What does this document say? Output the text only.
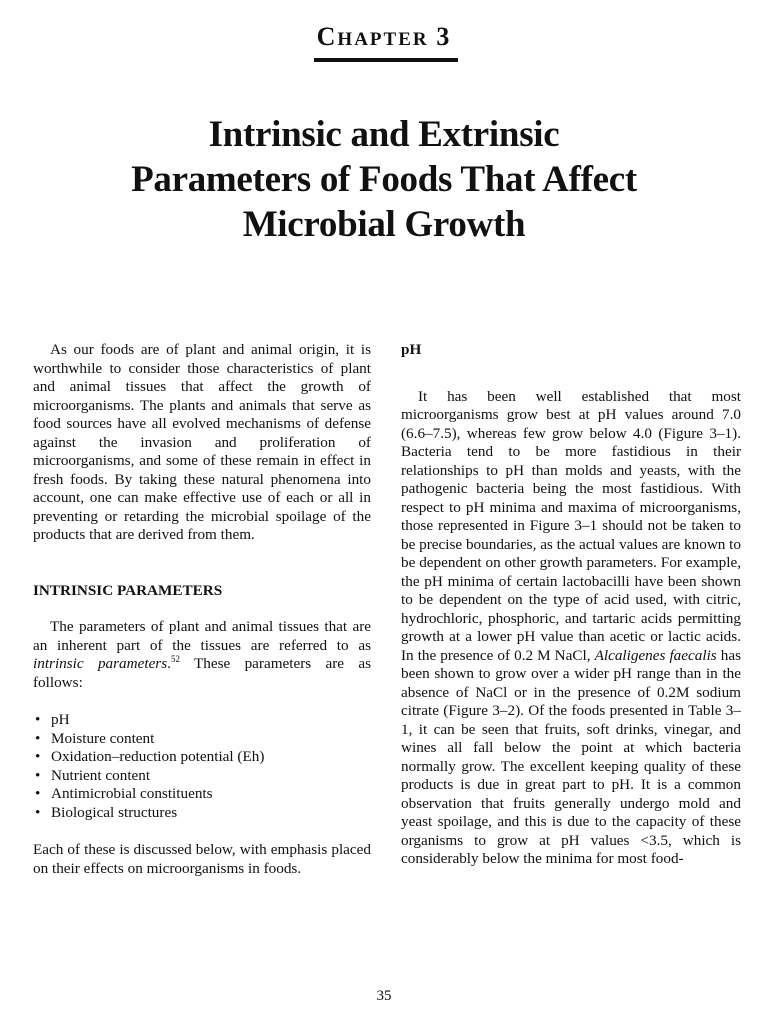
CHAPTER 3
Intrinsic and Extrinsic
Parameters of Foods That Affect
Microbial Growth

As our foods are of plant and animal origin, it is worthwhile to consider those characteristics of plant and animal tissues that affect the growth of microorganisms. The plants and animals that serve as food sources have all evolved mechanisms of defense against the invasion and proliferation of microorganisms, and some of these remain in effect in fresh foods. By taking these natural phenomena into account, one can make effective use of each or all in preventing or retarding the microbial spoilage of the products that are derived from them.

INTRINSIC PARAMETERS

The parameters of plant and animal tissues that are an inherent part of the tissues are referred to as intrinsic parameters.$^{52}$ These parameters are as follows:

• pH
• Moisture content
• Oxidation–reduction potential (Eh)
• Nutrient content
• Antimicrobial constituents
• Biological structures

Each of these is discussed below, with emphasis placed on their effects on microorganisms in foods.

pH

It has been well established that most microorganisms grow best at pH values around 7.0 (6.6–7.5), whereas few grow below 4.0 (Figure 3–1). Bacteria tend to be more fastidious in their relationships to pH than molds and yeasts, with the pathogenic bacteria being the most fastidious. With respect to pH minima and maxima of microorganisms, those represented in Figure 3–1 should not be taken to be precise boundaries, as the actual values are known to be dependent on other growth parameters. For example, the pH minima of certain lactobacilli have been shown to be dependent on the type of acid used, with citric, hydrochloric, phosphoric, and tartaric acids permitting growth at a lower pH value than acetic or lactic acids. In the presence of 0.2 M NaCl, Alcaligenes faecalis has been shown to grow over a wider pH range than in the absence of NaCl or in the presence of 0.2M sodium citrate (Figure 3–2). Of the foods presented in Table 3–1, it can be seen that fruits, soft drinks, vinegar, and wines all fall below the point at which bacteria normally grow. The excellent keeping quality of these products is due in great part to pH. It is a common observation that fruits generally undergo mold and yeast spoilage, and this is due to the capacity of these organisms to grow at pH values <3.5, which is considerably below the minima for most food-

35
